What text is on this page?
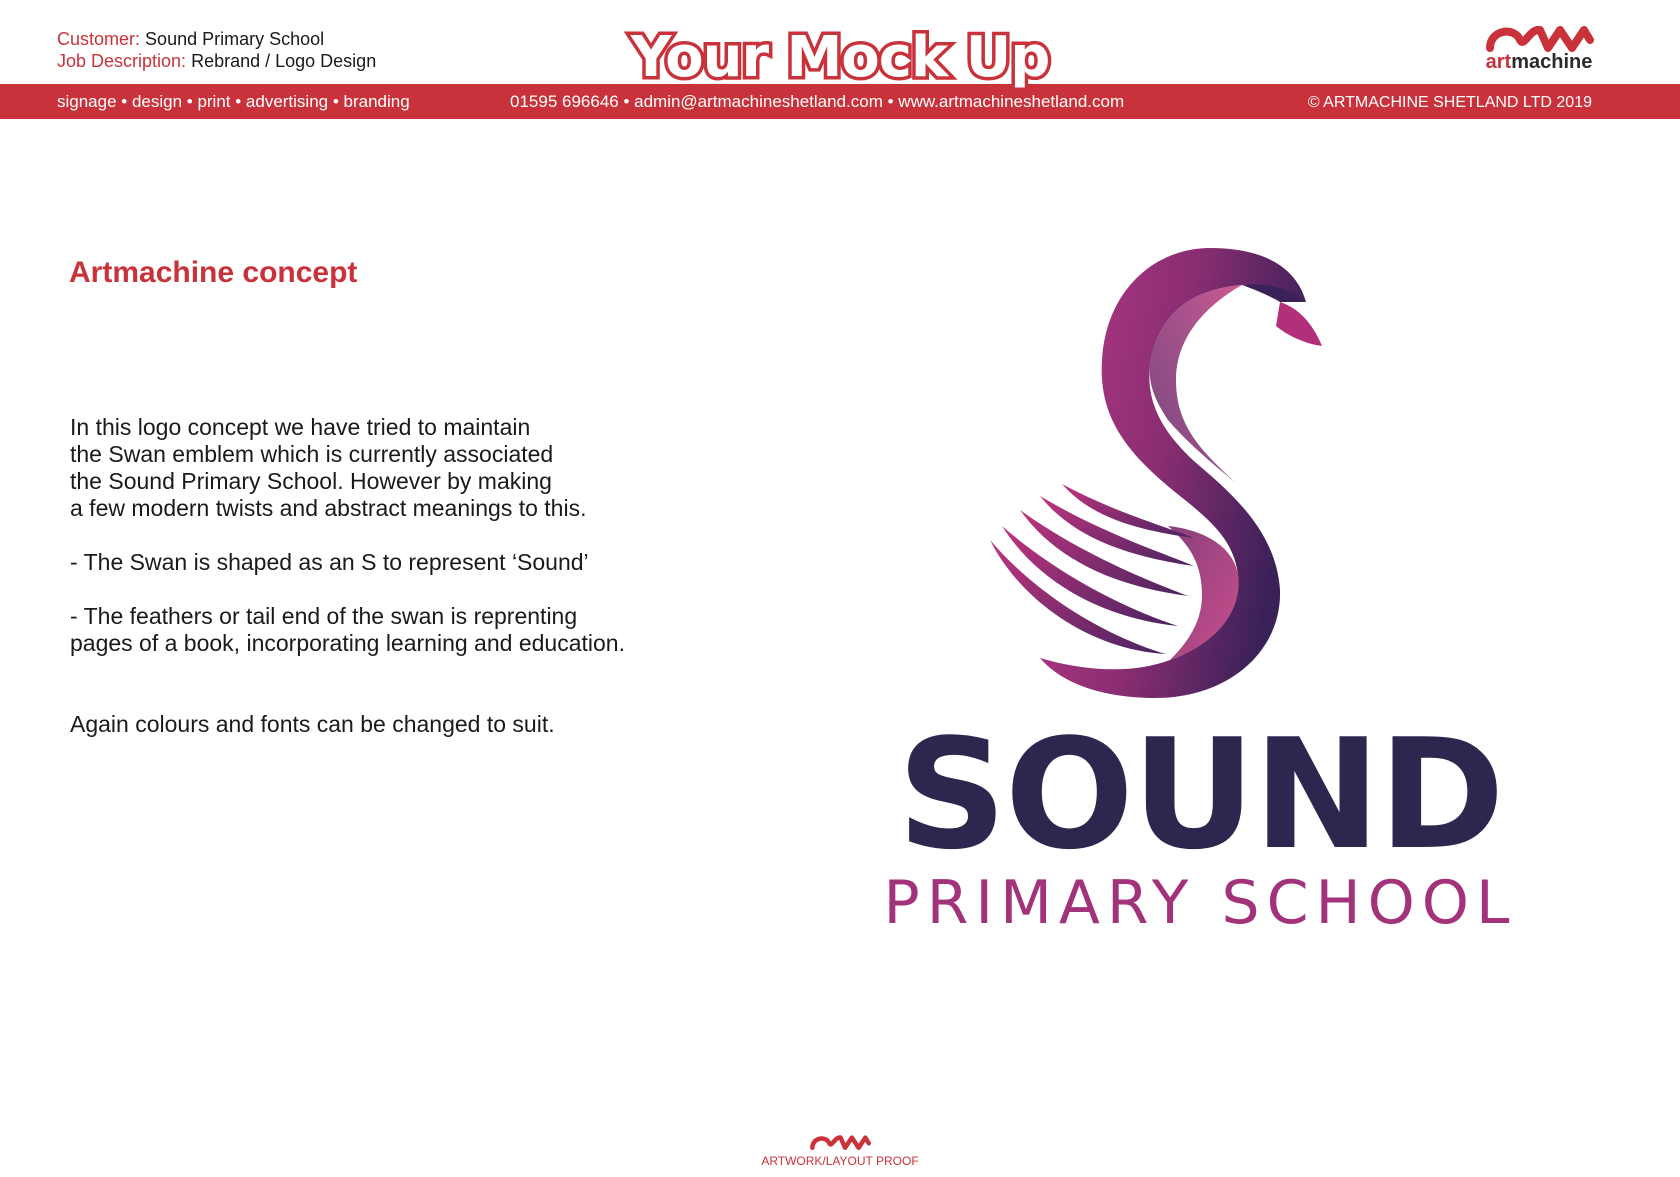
Customer: Sound Primary School
Job Description: Rebrand / Logo Design	Your Mock Up	artmachine
signage • design • print • advertising • branding	01595 696646 • admin@artmachineshetland.com • www.artmachineshetland.com	© ARTMACHINE SHETLAND LTD 2019
Artmachine concept

In this logo concept we have tried to maintain
the Swan emblem which is currently associated
the Sound Primary School. However by making
a few modern twists and abstract meanings to this.

- The Swan is shaped as an S to represent ‘Sound’

- The feathers or tail end of the swan is reprenting
pages of a book, incorporating learning and education.

Again colours and fonts can be changed to suit.	SOUND
PRIMARY SCHOOL
ARTWORK/LAYOUT PROOF
